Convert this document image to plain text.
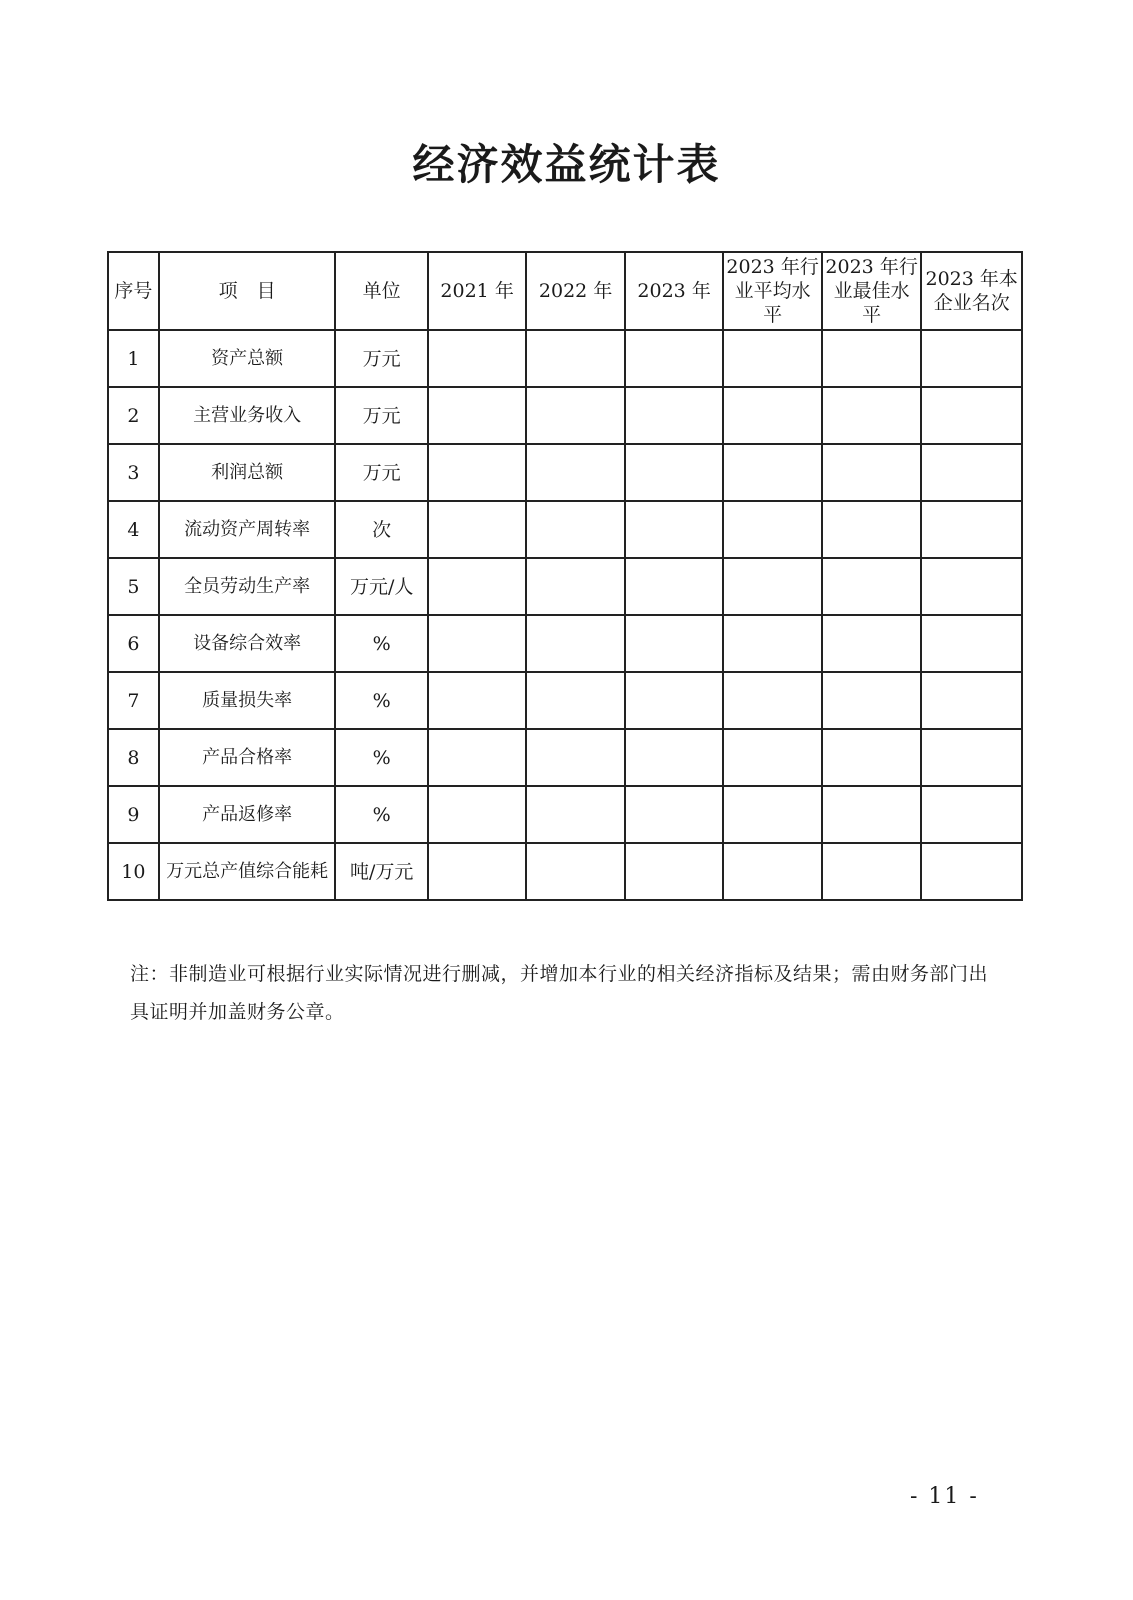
经济效益统计表
序号	项　目	单位	2021 年	2022 年	2023 年	2023 年行业平均水平	2023 年行业最佳水平	2023 年本企业名次
1	资产总额	万元						
2	主营业务收入	万元						
3	利润总额	万元						
4	流动资产周转率	次						
5	全员劳动生产率	万元/人						
6	设备综合效率	%						
7	质量损失率	%						
8	产品合格率	%						
9	产品返修率	%						
10	万元总产值综合能耗	吨/万元						
注：非制造业可根据行业实际情况进行删减，并增加本行业的相关经济指标及结果；需由财务部门出具证明并加盖财务公章。
- 11 -
